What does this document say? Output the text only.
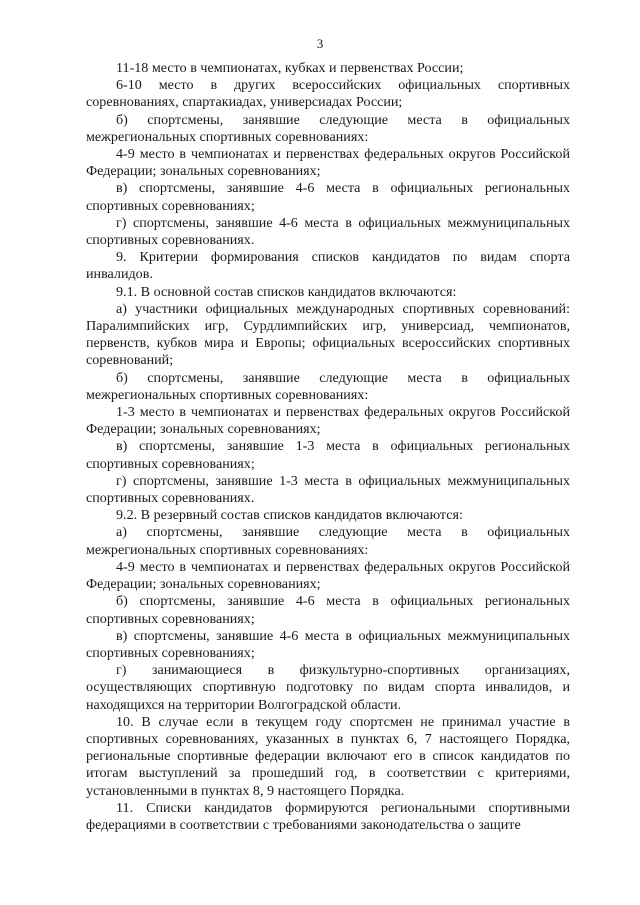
3

11-18 место в чемпионатах, кубках и первенствах России;

6-10 место в других всероссийских официальных спортивных соревнованиях, спартакиадах, универсиадах России;

б) спортсмены, занявшие следующие места в официальных межрегиональных спортивных соревнованиях:

4-9 место в чемпионатах и первенствах федеральных округов Российской Федерации; зональных соревнованиях;

в) спортсмены, занявшие 4-6 места в официальных региональных спортивных соревнованиях;

г) спортсмены, занявшие 4-6 места в официальных межмуниципальных спортивных соревнованиях.

9. Критерии формирования списков кандидатов по видам спорта инвалидов.

9.1. В основной состав списков кандидатов включаются:

а) участники официальных международных спортивных соревнований: Паралимпийских игр, Сурдлимпийских игр, универсиад, чемпионатов, первенств, кубков мира и Европы; официальных всероссийских спортивных соревнований;

б) спортсмены, занявшие следующие места в официальных межрегиональных спортивных соревнованиях:

1-3 место в чемпионатах и первенствах федеральных округов Российской Федерации; зональных соревнованиях;

в) спортсмены, занявшие 1-3 места в официальных региональных спортивных соревнованиях;

г) спортсмены, занявшие 1-3 места в официальных межмуниципальных спортивных соревнованиях.

9.2. В резервный состав списков кандидатов включаются:

а) спортсмены, занявшие следующие места в официальных межрегиональных спортивных соревнованиях:

4-9 место в чемпионатах и первенствах федеральных округов Российской Федерации; зональных соревнованиях;

б) спортсмены, занявшие 4-6 места в официальных региональных спортивных соревнованиях;

в) спортсмены, занявшие 4-6 места в официальных межмуниципальных спортивных соревнованиях;

г) занимающиеся в физкультурно-спортивных организациях, осуществляющих спортивную подготовку по видам спорта инвалидов, и находящихся на территории Волгоградской области.

10. В случае если в текущем году спортсмен не принимал участие в спортивных соревнованиях, указанных в пунктах 6, 7 настоящего Порядка, региональные спортивные федерации включают его в список кандидатов по итогам выступлений за прошедший год, в соответствии с критериями, установленными в пунктах 8, 9 настоящего Порядка.

11. Списки кандидатов формируются региональными спортивными федерациями в соответствии с требованиями законодательства о защите
